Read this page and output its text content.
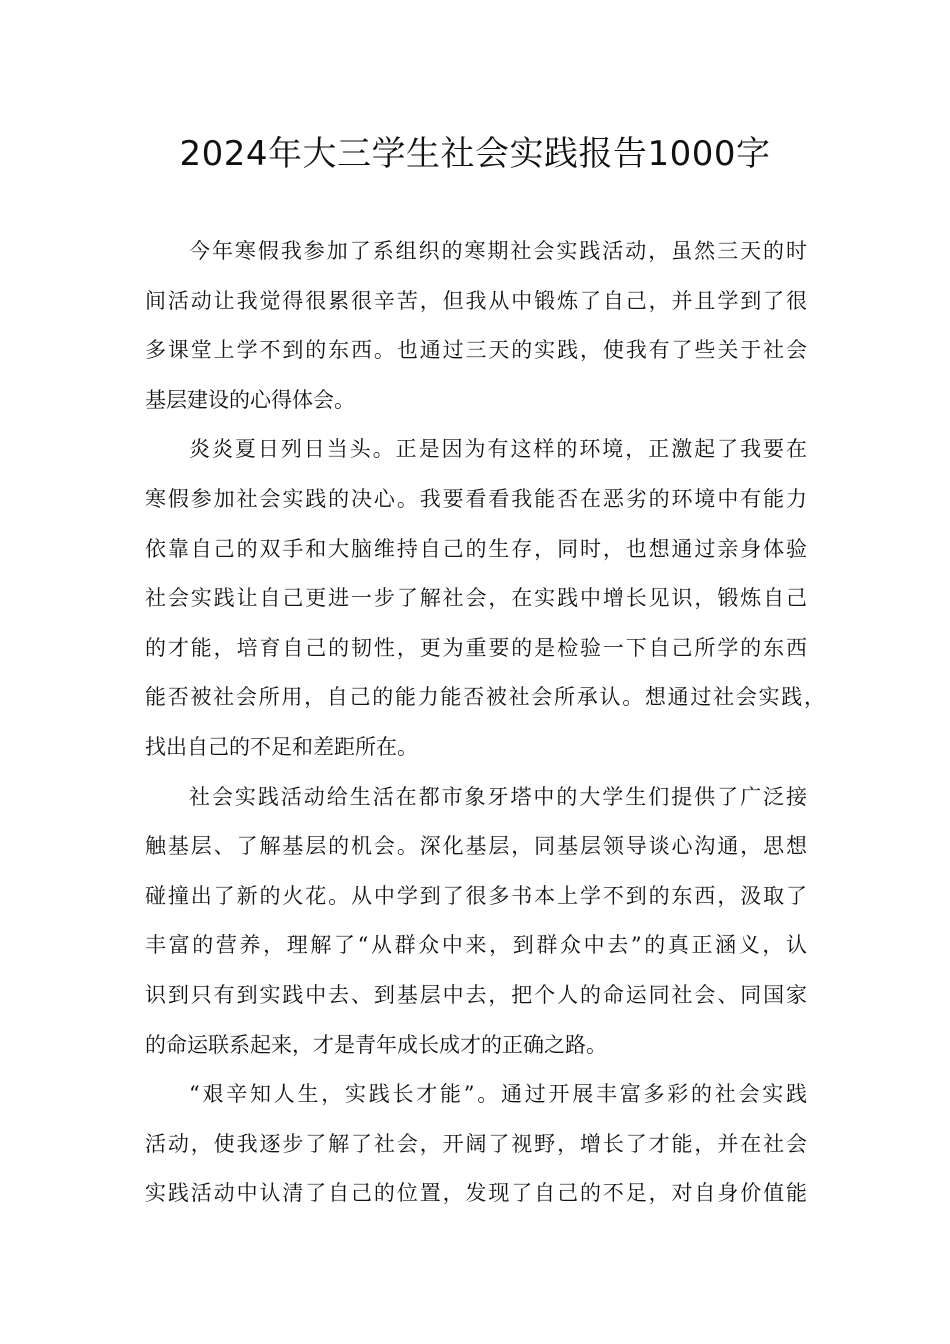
2024年大三学生社会实践报告1000字
今年寒假我参加了系组织的寒期社会实践活动，虽然三天的时
间活动让我觉得很累很辛苦，但我从中锻炼了自己，并且学到了很
多课堂上学不到的东西。也通过三天的实践，使我有了些关于社会
基层建设的心得体会。
炎炎夏日列日当头。正是因为有这样的环境，正激起了我要在
寒假参加社会实践的决心。我要看看我能否在恶劣的环境中有能力
依靠自己的双手和大脑维持自己的生存，同时，也想通过亲身体验
社会实践让自己更进一步了解社会，在实践中增长见识，锻炼自己
的才能，培育自己的韧性，更为重要的是检验一下自己所学的东西
能否被社会所用，自己的能力能否被社会所承认。想通过社会实践，
找出自己的不足和差距所在。
社会实践活动给生活在都市象牙塔中的大学生们提供了广泛接
触基层、了解基层的机会。深化基层，同基层领导谈心沟通，思想
碰撞出了新的火花。从中学到了很多书本上学不到的东西，汲取了
丰富的营养，理解了“从群众中来，到群众中去”的真正涵义，认
识到只有到实践中去、到基层中去，把个人的命运同社会、同国家
的命运联系起来，才是青年成长成才的正确之路。
“艰辛知人生，实践长才能”。通过开展丰富多彩的社会实践
活动，使我逐步了解了社会，开阔了视野，增长了才能，并在社会
实践活动中认清了自己的位置，发现了自己的不足，对自身价值能
